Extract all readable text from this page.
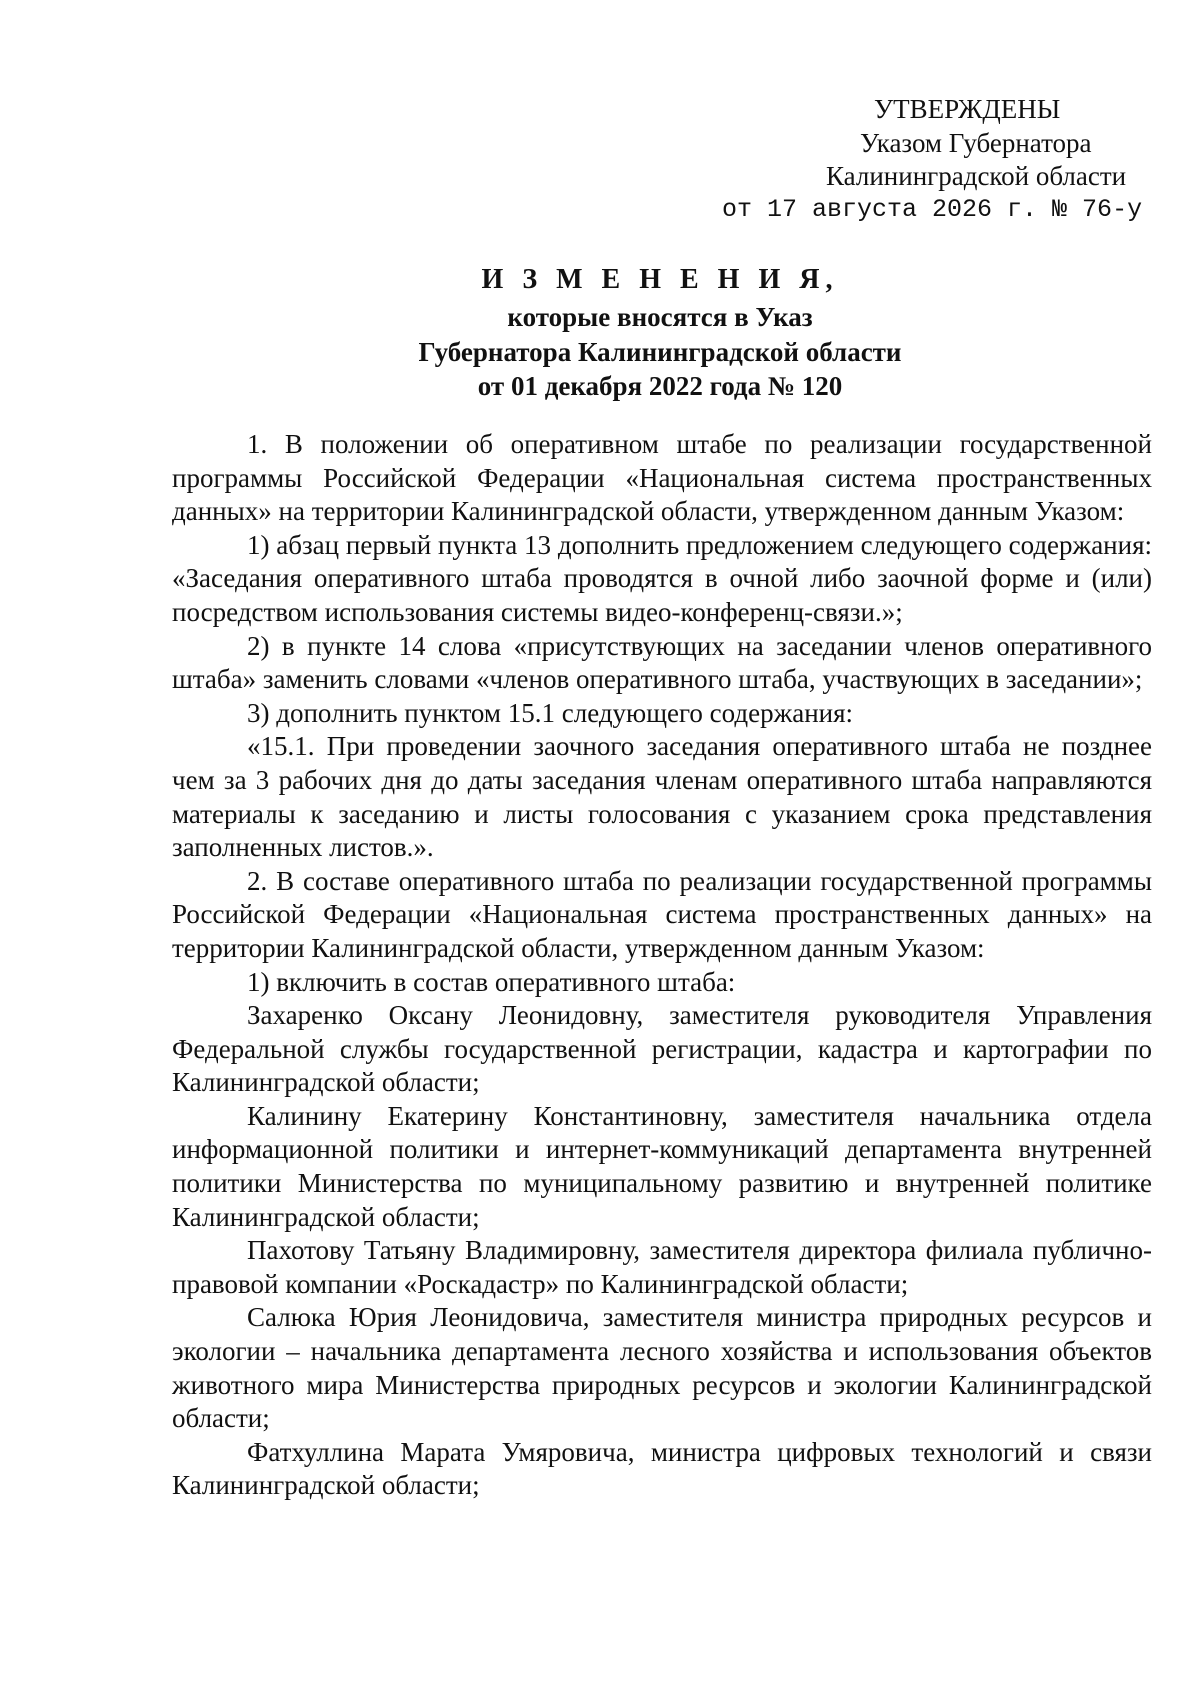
УТВЕРЖДЕНЫ
Указом Губернатора
Калининградской области
от 17 августа 2026 г. № 76-у
И З М Е Н Е Н И Я,
которые вносятся в Указ
Губернатора Калининградской области
от 01 декабря 2022 года № 120

1. В положении об оперативном штабе по реализации государственной программы Российской Федерации «Национальная система пространственных данных» на территории Калининградской области, утвержденном данным Указом:

1) абзац первый пункта 13 дополнить предложением следующего содержания: «Заседания оперативного штаба проводятся в очной либо заочной форме и (или) посредством использования системы видео-конференц-связи.»;

2) в пункте 14 слова «присутствующих на заседании членов оперативного штаба» заменить словами «членов оперативного штаба, участвующих в заседании»;

3) дополнить пунктом 15.1 следующего содержания:

«15.1. При проведении заочного заседания оперативного штаба не позднее чем за 3 рабочих дня до даты заседания членам оперативного штаба направляются материалы к заседанию и листы голосования с указанием срока представления заполненных листов.».

2. В составе оперативного штаба по реализации государственной программы Российской Федерации «Национальная система пространственных данных» на территории Калининградской области, утвержденном данным Указом:

1) включить в состав оперативного штаба:

Захаренко Оксану Леонидовну, заместителя руководителя Управления Федеральной службы государственной регистрации, кадастра и картографии по Калининградской области;

Калинину Екатерину Константиновну, заместителя начальника отдела информационной политики и интернет-коммуникаций департамента внутренней политики Министерства по муниципальному развитию и внутренней политике Калининградской области;

Пахотову Татьяну Владимировну, заместителя директора филиала публично-правовой компании «Роскадастр» по Калининградской области;

Салюка Юрия Леонидовича, заместителя министра природных ресурсов и экологии – начальника департамента лесного хозяйства и использования объектов животного мира Министерства природных ресурсов и экологии Калининградской области;

Фатхуллина Марата Умяровича, министра цифровых технологий и связи Калининградской области;
